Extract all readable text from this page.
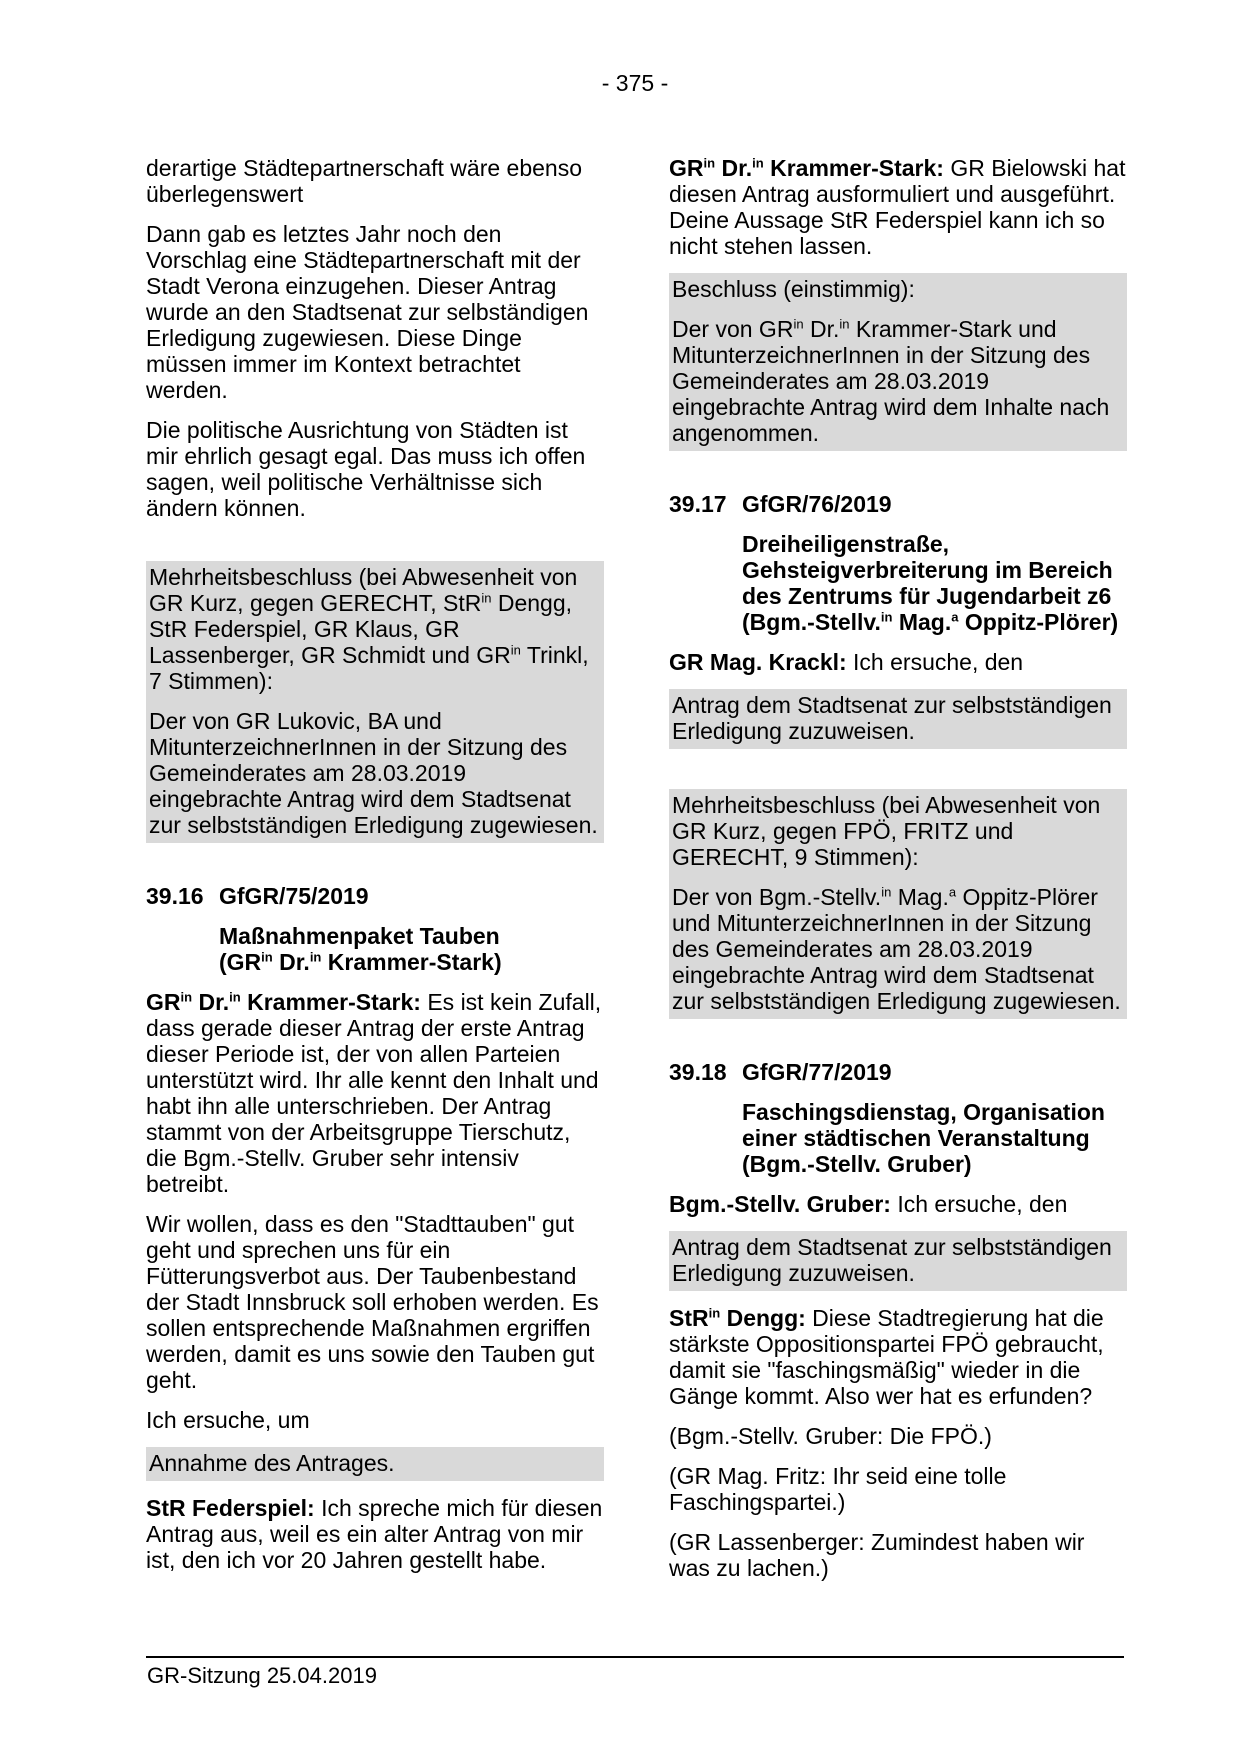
- 375 -

derartige Städtepartnerschaft wäre ebenso überlegenswert

Dann gab es letztes Jahr noch den Vorschlag eine Städtepartnerschaft mit der Stadt Verona einzugehen. Dieser Antrag wurde an den Stadtsenat zur selbständigen Erledigung zugewiesen. Diese Dinge müssen immer im Kontext betrachtet werden.

Die politische Ausrichtung von Städten ist mir ehrlich gesagt egal. Das muss ich offen sagen, weil politische Verhältnisse sich ändern können.

Mehrheitsbeschluss (bei Abwesenheit von GR Kurz, gegen GERECHT, StR$^{in}$ Dengg, StR Federspiel, GR Klaus, GR Lassenberger, GR Schmidt und $GR^{in}$ Trinkl, 7 Stimmen):

Der von GR Lukovic, BA und MitunterzeichnerInnen in der Sitzung des Gemeinderates am 28.03.2019 eingebrachte Antrag wird dem Stadtsenat zur selbstständigen Erledigung zugewiesen.

39.16 GfGR/75/2019

Maßnahmenpaket Tauben
($GR^{in}$ Dr.$^{in}$ Krammer-Stark)

$GR^{in}$ Dr.$^{in}$ Krammer-Stark: Es ist kein Zufall, dass gerade dieser Antrag der erste Antrag dieser Periode ist, der von allen Parteien unterstützt wird. Ihr alle kennt den Inhalt und habt ihn alle unterschrieben. Der Antrag stammt von der Arbeitsgruppe Tierschutz, die Bgm.-Stellv. Gruber sehr intensiv betreibt.

Wir wollen, dass es den "Stadttauben" gut geht und sprechen uns für ein Fütterungsverbot aus. Der Taubenbestand der Stadt Innsbruck soll erhoben werden. Es sollen entsprechende Maßnahmen ergriffen werden, damit es uns sowie den Tauben gut geht.

Ich ersuche, um

Annahme des Antrages.

StR Federspiel: Ich spreche mich für diesen Antrag aus, weil es ein alter Antrag von mir ist, den ich vor 20 Jahren gestellt habe.

$GR^{in}$ Dr.$^{in}$ Krammer-Stark: GR Bielowski hat diesen Antrag ausformuliert und ausgeführt. Deine Aussage StR Federspiel kann ich so nicht stehen lassen.

Beschluss (einstimmig):

Der von $GR^{in}$ Dr.$^{in}$ Krammer-Stark und MitunterzeichnerInnen in der Sitzung des Gemeinderates am 28.03.2019 eingebrachte Antrag wird dem Inhalte nach angenommen.

39.17 GfGR/76/2019

Dreiheiligenstraße, Gehsteigverbreiterung im Bereich des Zentrums für Jugendarbeit z6 (Bgm.-Stellv.$^{in}$ Mag.$^a$ Oppitz-Plörer)

GR Mag. Krackl: Ich ersuche, den

Antrag dem Stadtsenat zur selbstständigen Erledigung zuzuweisen.

Mehrheitsbeschluss (bei Abwesenheit von GR Kurz, gegen FPÖ, FRITZ und GERECHT, 9 Stimmen):

Der von Bgm.-Stellv.$^{in}$ Mag.$^a$ Oppitz-Plörer und MitunterzeichnerInnen in der Sitzung des Gemeinderates am 28.03.2019 eingebrachte Antrag wird dem Stadtsenat zur selbstständigen Erledigung zugewiesen.

39.18 GfGR/77/2019

Faschingsdienstag, Organisation einer städtischen Veranstaltung (Bgm.-Stellv. Gruber)

Bgm.-Stellv. Gruber: Ich ersuche, den

Antrag dem Stadtsenat zur selbstständigen Erledigung zuzuweisen.

StR$^{in}$ Dengg: Diese Stadtregierung hat die stärkste Oppositionspartei FPÖ gebraucht, damit sie "faschingsmäßig" wieder in die Gänge kommt. Also wer hat es erfunden?

(Bgm.-Stellv. Gruber: Die FPÖ.)

(GR Mag. Fritz: Ihr seid eine tolle Faschingspartei.)

(GR Lassenberger: Zumindest haben wir was zu lachen.)

GR-Sitzung 25.04.2019
